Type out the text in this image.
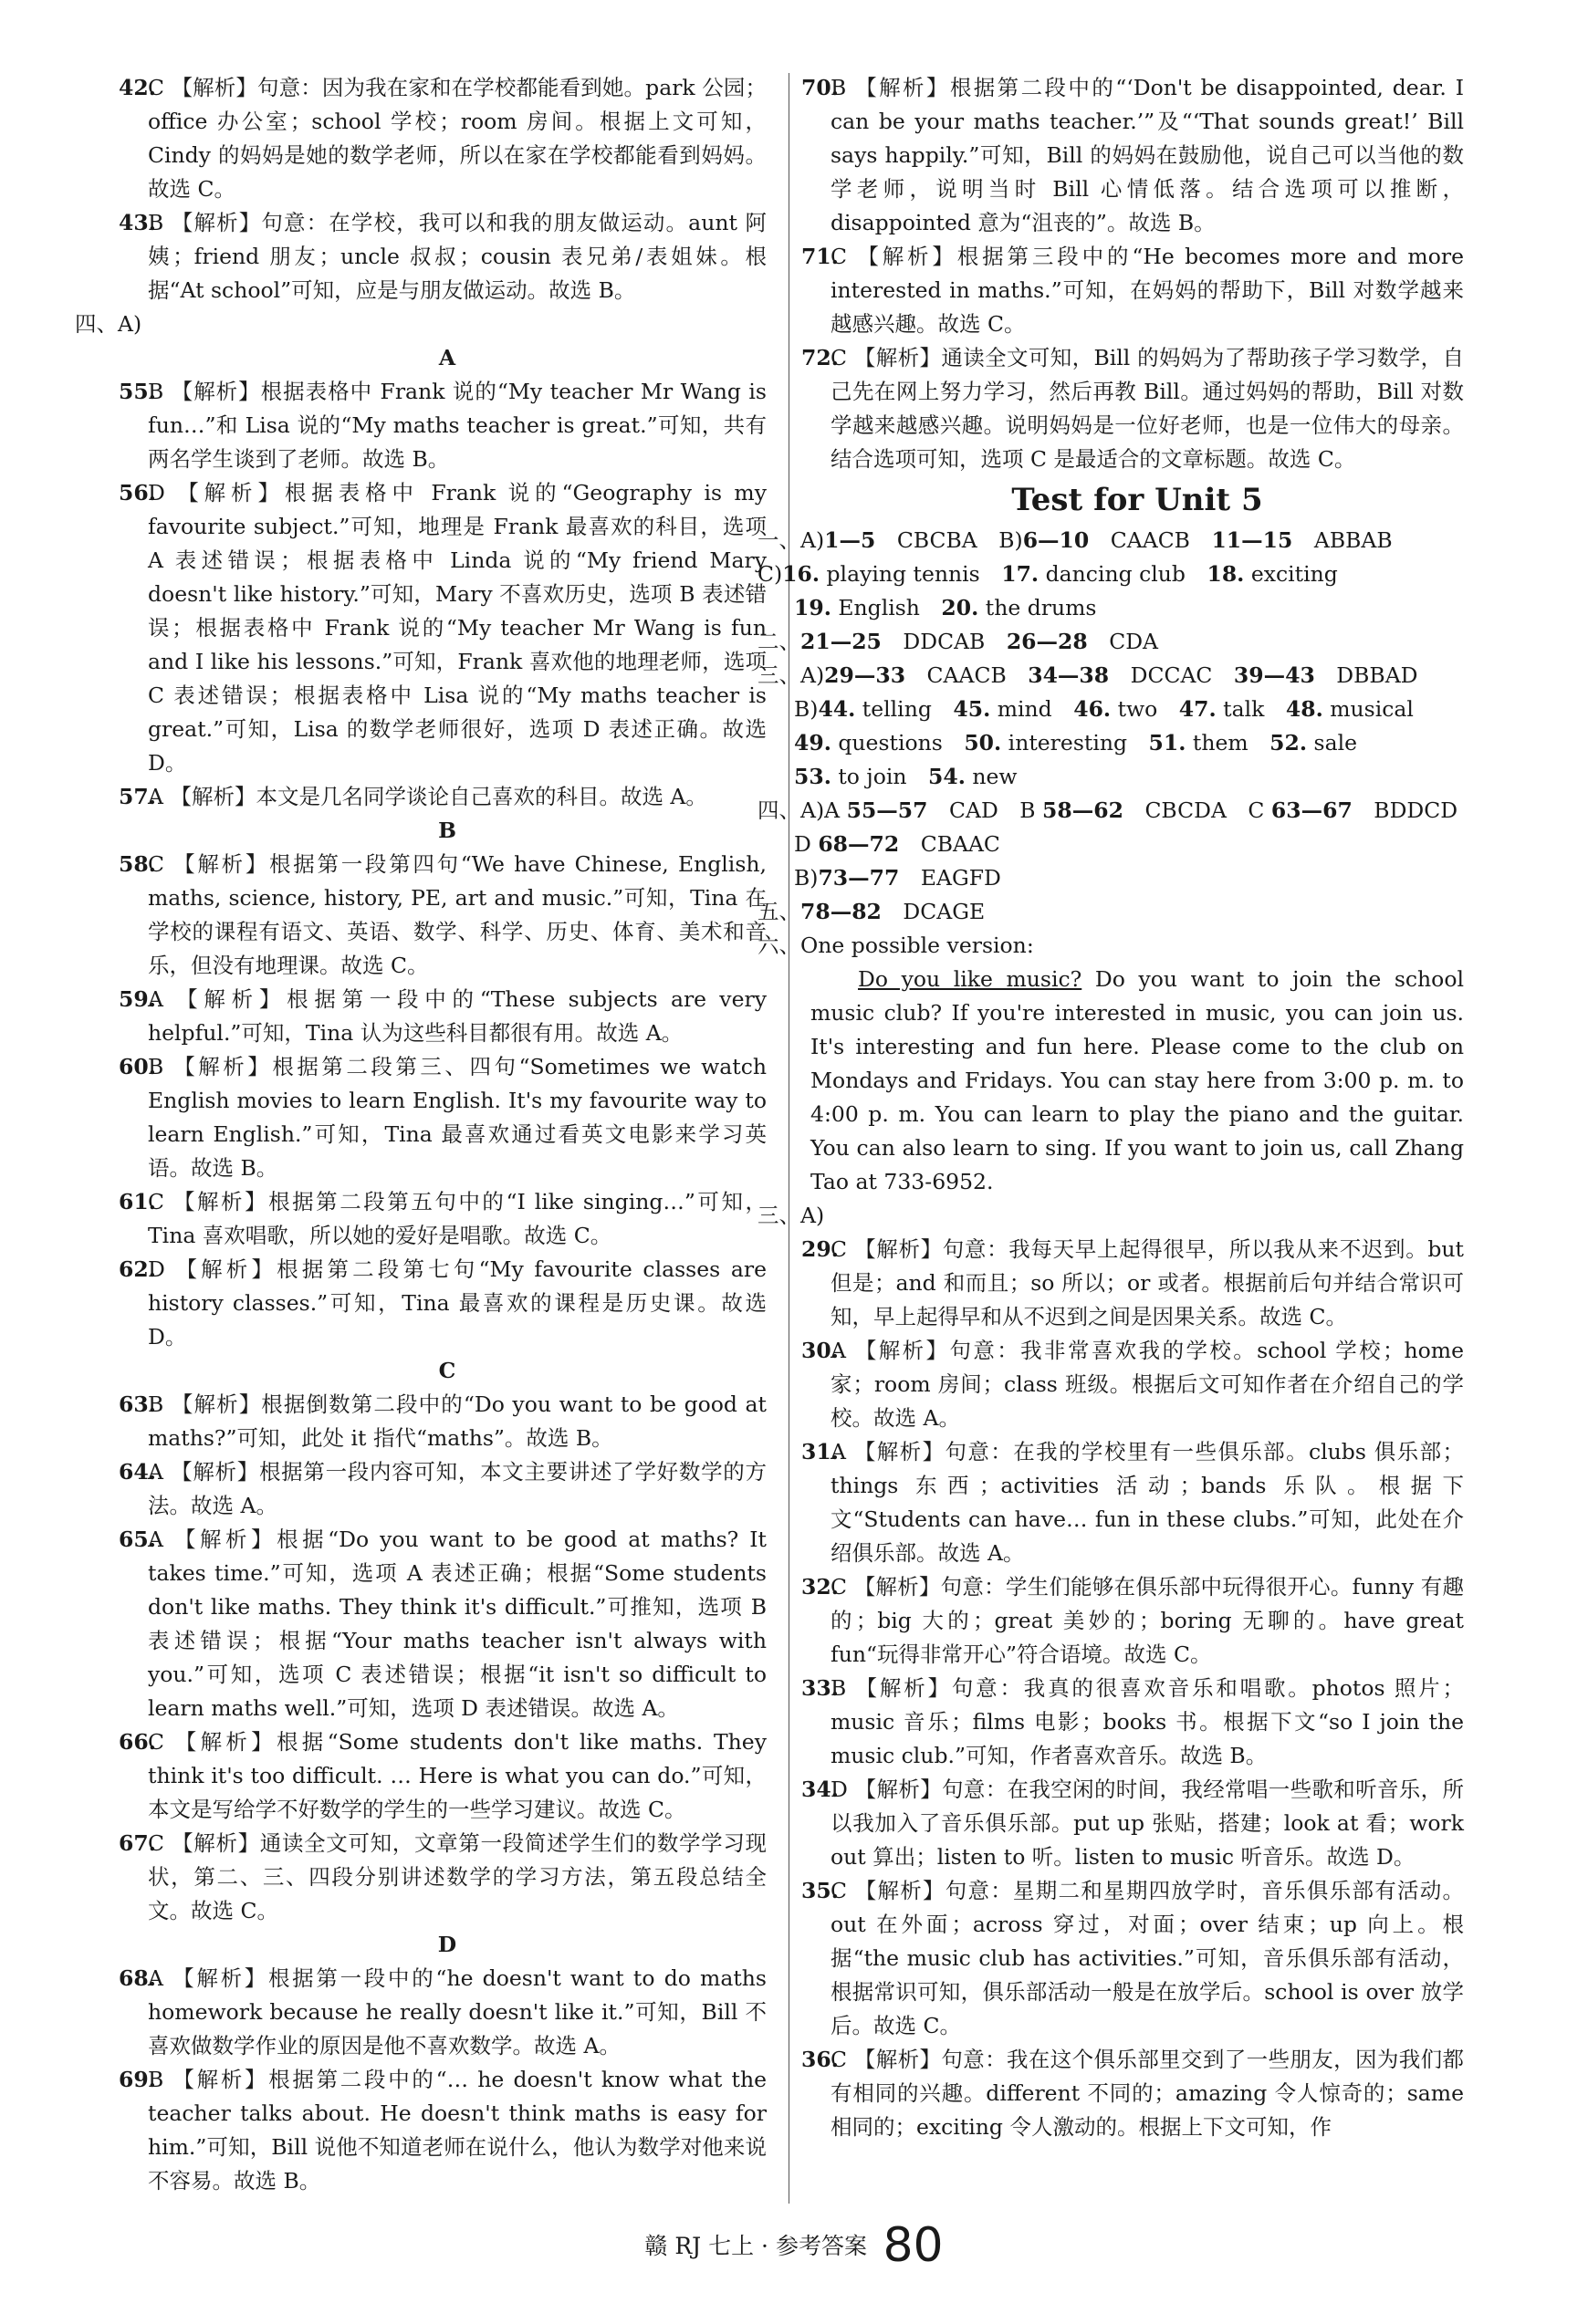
42.
C 【解析】句意：因为我在家和在学校都能看到她。park 公园；office 办公室；school 学校；room 房间。根据上文可知，Cindy 的妈妈是她的数学老师，所以在家在学校都能看到妈妈。故选 C。
43.
B 【解析】句意：在学校，我可以和我的朋友做运动。aunt 阿姨；friend 朋友；uncle 叔叔；cousin 表兄弟/表姐妹。根据“At school”可知，应是与朋友做运动。故选 B。
四、A)
A
55.
B 【解析】根据表格中 Frank 说的“My teacher Mr Wang is fun…”和 Lisa 说的“My maths teacher is great.”可知，共有两名学生谈到了老师。故选 B。
56.
D 【解析】根据表格中 Frank 说的“Geography is my favourite subject.”可知，地理是 Frank 最喜欢的科目，选项 A 表述错误；根据表格中 Linda 说的“My friend Mary doesn't like history.”可知，Mary 不喜欢历史，选项 B 表述错误；根据表格中 Frank 说的“My teacher Mr Wang is fun and I like his lessons.”可知，Frank 喜欢他的地理老师，选项 C 表述错误；根据表格中 Lisa 说的“My maths teacher is great.”可知，Lisa 的数学老师很好，选项 D 表述正确。故选 D。
57.
A 【解析】本文是几名同学谈论自己喜欢的科目。故选 A。
B
58.
C 【解析】根据第一段第四句“We have Chinese, English, maths, science, history, PE, art and music.”可知，Tina 在学校的课程有语文、英语、数学、科学、历史、体育、美术和音乐，但没有地理课。故选 C。
59.
A 【解析】根据第一段中的“These subjects are very helpful.”可知，Tina 认为这些科目都很有用。故选 A。
60.
B 【解析】根据第二段第三、四句“Sometimes we watch English movies to learn English. It's my favourite way to learn English.”可知，Tina 最喜欢通过看英文电影来学习英语。故选 B。
61.
C 【解析】根据第二段第五句中的“I like singing…”可知，Tina 喜欢唱歌，所以她的爱好是唱歌。故选 C。
62.
D 【解析】根据第二段第七句“My favourite classes are history classes.”可知，Tina 最喜欢的课程是历史课。故选 D。
C
63.
B 【解析】根据倒数第二段中的“Do you want to be good at maths?”可知，此处 it 指代“maths”。故选 B。
64.
A 【解析】根据第一段内容可知，本文主要讲述了学好数学的方法。故选 A。
65.
A 【解析】根据“Do you want to be good at maths? It takes time.”可知，选项 A 表述正确；根据“Some students don't like maths. They think it's difficult.”可推知，选项 B 表述错误；根据“Your maths teacher isn't always with you.”可知，选项 C 表述错误；根据“it isn't so difficult to learn maths well.”可知，选项 D 表述错误。故选 A。
66.
C 【解析】根据“Some students don't like maths. They think it's too difficult. … Here is what you can do.”可知，本文是写给学不好数学的学生的一些学习建议。故选 C。
67.
C 【解析】通读全文可知，文章第一段简述学生们的数学学习现状，第二、三、四段分别讲述数学的学习方法，第五段总结全文。故选 C。
D
68.
A 【解析】根据第一段中的“he doesn't want to do maths homework because he really doesn't like it.”可知，Bill 不喜欢做数学作业的原因是他不喜欢数学。故选 A。
69.
B 【解析】根据第二段中的“… he doesn't know what the teacher talks about. He doesn't think maths is easy for him.”可知，Bill 说他不知道老师在说什么，他认为数学对他来说不容易。故选 B。
70.
B 【解析】根据第二段中的“‘Don't be disappointed, dear. I can be your maths teacher.’”及“‘That sounds great!’ Bill says happily.”可知，Bill 的妈妈在鼓励他，说自己可以当他的数学老师，说明当时 Bill 心情低落。结合选项可以推断，disappointed 意为“沮丧的”。故选 B。
71.
C 【解析】根据第三段中的“He becomes more and more interested in maths.”可知，在妈妈的帮助下，Bill 对数学越来越感兴趣。故选 C。
72.
C 【解析】通读全文可知，Bill 的妈妈为了帮助孩子学习数学，自己先在网上努力学习，然后再教 Bill。通过妈妈的帮助，Bill 对数学越来越感兴趣。说明妈妈是一位好老师，也是一位伟大的母亲。结合选项可知，选项 C 是最适合的文章标题。故选 C。
Test for Unit 5
一、A)1—5　CBCBA　B)6—10　CAACB　11—15　ABBAB
C)16. playing tennis　17. dancing club　18. exciting
19. English　20. the drums
二、21—25　DDCAB　26—28　CDA
三、A)29—33　CAACB　34—38　DCCAC　39—43　DBBAD
B)44. telling　45. mind　46. two　47. talk　48. musical
49. questions　50. interesting　51. them　52. sale
53. to join　54. new
四、A)A 55—57　CAD　B 58—62　CBCDA　C 63—67　BDDCD
D 68—72　CBAAC
B)73—77　EAGFD
五、78—82　DCAGE
六、One possible version:
Do you like music? Do you want to join the school music club? If you're interested in music, you can join us. It's interesting and fun here. Please come to the club on Mondays and Fridays. You can stay here from 3:00 p. m. to 4:00 p. m. You can learn to play the piano and the guitar. You can also learn to sing. If you want to join us, call Zhang Tao at 733-6952.
三、A)
29.
C 【解析】句意：我每天早上起得很早，所以我从来不迟到。but 但是；and 和而且；so 所以；or 或者。根据前后句并结合常识可知，早上起得早和从不迟到之间是因果关系。故选 C。
30.
A 【解析】句意：我非常喜欢我的学校。school 学校；home 家；room 房间；class 班级。根据后文可知作者在介绍自己的学校。故选 A。
31.
A 【解析】句意：在我的学校里有一些俱乐部。clubs 俱乐部；things 东西；activities 活动；bands 乐队。根据下文“Students can have… fun in these clubs.”可知，此处在介绍俱乐部。故选 A。
32.
C 【解析】句意：学生们能够在俱乐部中玩得很开心。funny 有趣的；big 大的；great 美妙的；boring 无聊的。have great fun“玩得非常开心”符合语境。故选 C。
33.
B 【解析】句意：我真的很喜欢音乐和唱歌。photos 照片；music 音乐；films 电影；books 书。根据下文“so I join the music club.”可知，作者喜欢音乐。故选 B。
34.
D 【解析】句意：在我空闲的时间，我经常唱一些歌和听音乐，所以我加入了音乐俱乐部。put up 张贴，搭建；look at 看；work out 算出；listen to 听。listen to music 听音乐。故选 D。
35.
C 【解析】句意：星期二和星期四放学时，音乐俱乐部有活动。out 在外面；across 穿过，对面；over 结束；up 向上。根据“the music club has activities.”可知，音乐俱乐部有活动，根据常识可知，俱乐部活动一般是在放学后。school is over 放学后。故选 C。
36.
C 【解析】句意：我在这个俱乐部里交到了一些朋友，因为我们都有相同的兴趣。different 不同的；amazing 令人惊奇的；same 相同的；exciting 令人激动的。根据上下文可知，作
赣 RJ 七上 · 参考答案 80
